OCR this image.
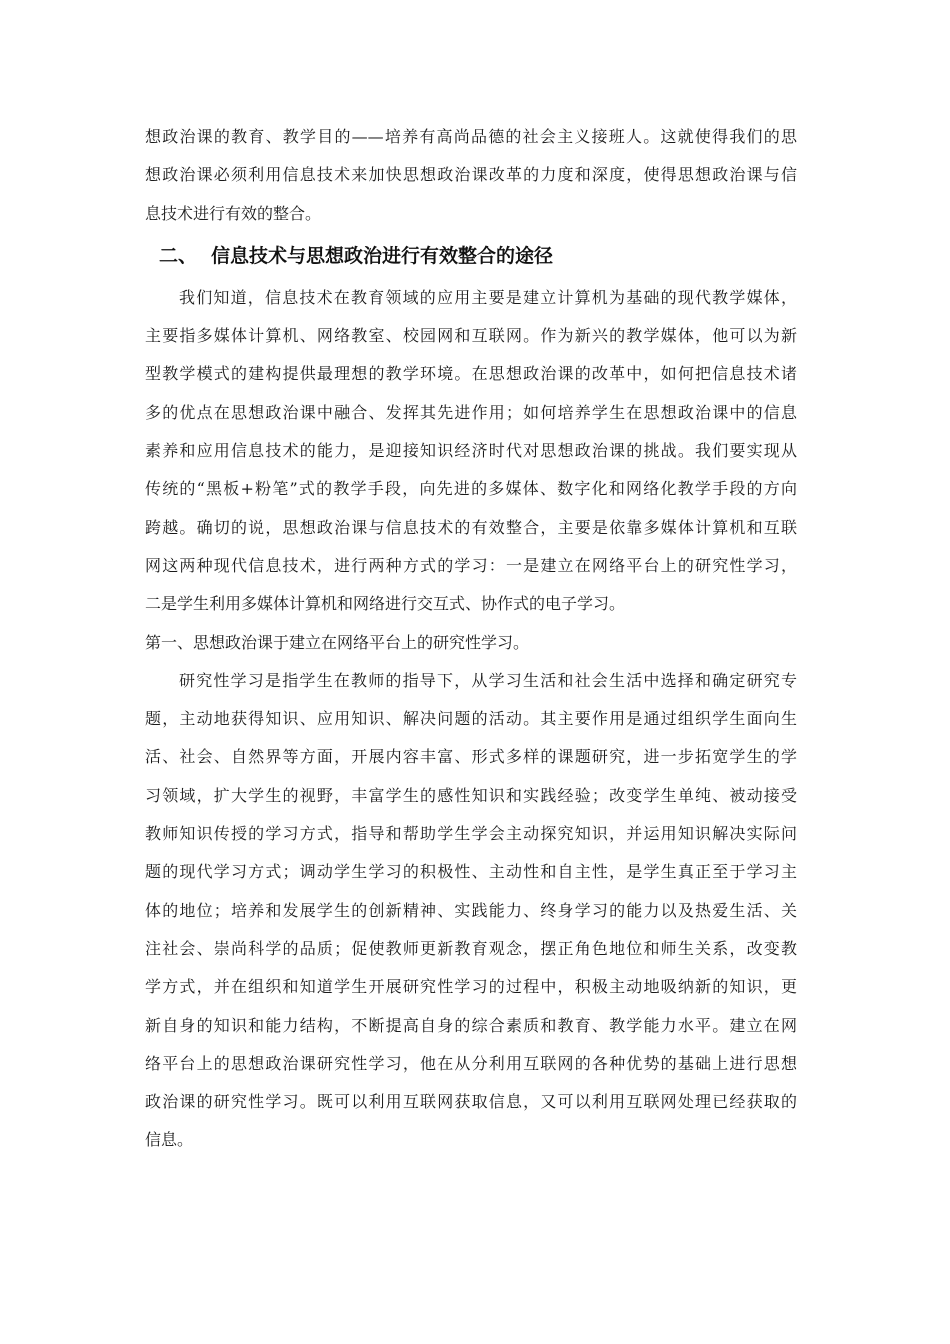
想政治课的教育、教学目的——培养有高尚品德的社会主义接班人。这就使得我们的思
想政治课必须利用信息技术来加快思想政治课改革的力度和深度，使得思想政治课与信
息技术进行有效的整合。
二、 信息技术与思想政治进行有效整合的途径
我们知道，信息技术在教育领域的应用主要是建立计算机为基础的现代教学媒体，
主要指多媒体计算机、网络教室、校园网和互联网。作为新兴的教学媒体，他可以为新
型教学模式的建构提供最理想的教学环境。在思想政治课的改革中，如何把信息技术诸
多的优点在思想政治课中融合、发挥其先进作用；如何培养学生在思想政治课中的信息
素养和应用信息技术的能力，是迎接知识经济时代对思想政治课的挑战。我们要实现从
传统的“黑板+粉笔”式的教学手段，向先进的多媒体、数字化和网络化教学手段的方向
跨越。确切的说，思想政治课与信息技术的有效整合，主要是依靠多媒体计算机和互联
网这两种现代信息技术，进行两种方式的学习：一是建立在网络平台上的研究性学习，
二是学生利用多媒体计算机和网络进行交互式、协作式的电子学习。
第一、思想政治课于建立在网络平台上的研究性学习。
研究性学习是指学生在教师的指导下，从学习生活和社会生活中选择和确定研究专
题，主动地获得知识、应用知识、解决问题的活动。其主要作用是通过组织学生面向生
活、社会、自然界等方面，开展内容丰富、形式多样的课题研究，进一步拓宽学生的学
习领域，扩大学生的视野，丰富学生的感性知识和实践经验；改变学生单纯、被动接受
教师知识传授的学习方式，指导和帮助学生学会主动探究知识，并运用知识解决实际问
题的现代学习方式；调动学生学习的积极性、主动性和自主性，是学生真正至于学习主
体的地位；培养和发展学生的创新精神、实践能力、终身学习的能力以及热爱生活、关
注社会、崇尚科学的品质；促使教师更新教育观念，摆正角色地位和师生关系，改变教
学方式，并在组织和知道学生开展研究性学习的过程中，积极主动地吸纳新的知识，更
新自身的知识和能力结构，不断提高自身的综合素质和教育、教学能力水平。建立在网
络平台上的思想政治课研究性学习，他在从分利用互联网的各种优势的基础上进行思想
政治课的研究性学习。既可以利用互联网获取信息，又可以利用互联网处理已经获取的
信息。
